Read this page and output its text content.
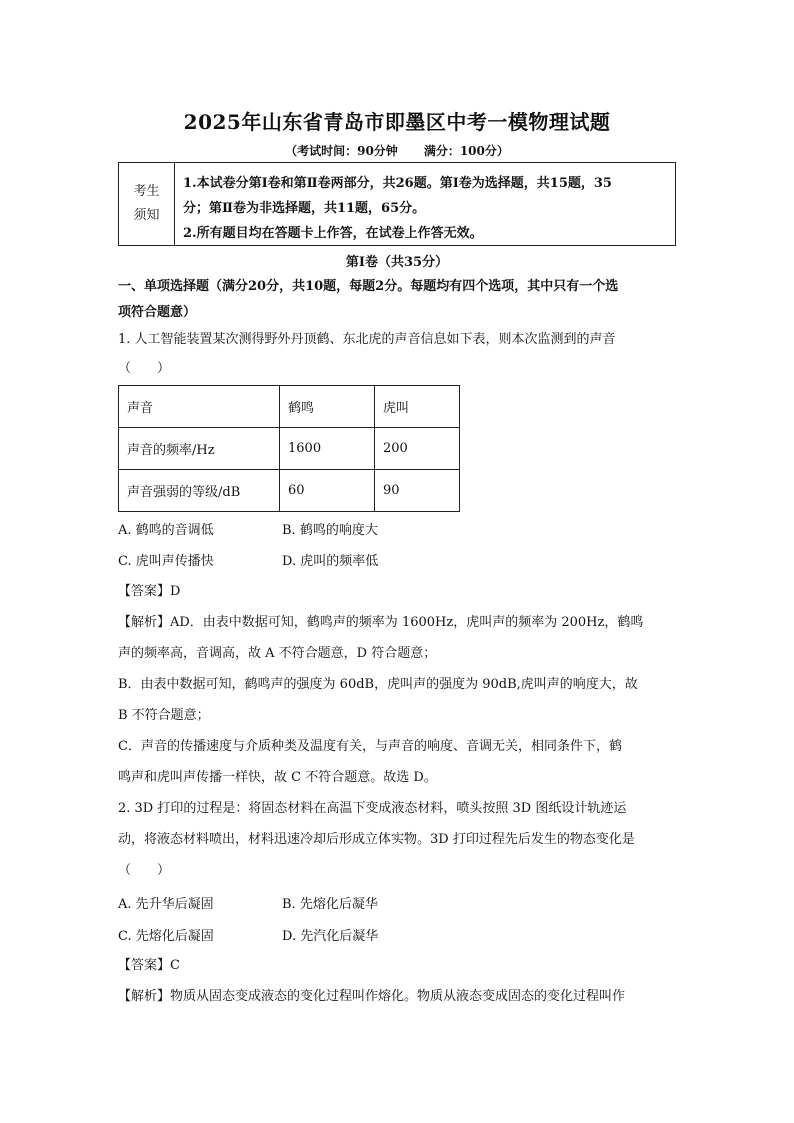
2025年山东省青岛市即墨区中考一模物理试题
（考试时间：90分钟 满分：100分）
考生
须知
1.本试卷分第Ⅰ卷和第Ⅱ卷两部分，共26题。第Ⅰ卷为选择题，共15题，35
分；第Ⅱ卷为非选择题，共11题，65分。
2.所有题目均在答题卡上作答，在试卷上作答无效。
第Ⅰ卷（共35分）
一、单项选择题（满分20分，共10题，每题2分。每题均有四个选项，其中只有一个选
项符合题意）
1. 人工智能装置某次测得野外丹顶鹤、东北虎的声音信息如下表，则本次监测到的声音
（　　）
声音	鹤鸣	虎叫
声音的频率/Hz	1600	200
声音强弱的等级/dB	60	90
A. 鹤鸣的音调低	B. 鹤鸣的响度大
C. 虎叫声传播快	D. 虎叫的频率低
【答案】D
【解析】AD．由表中数据可知，鹤鸣声的频率为 1600Hz，虎叫声的频率为 200Hz，鹤鸣
声的频率高，音调高，故 A 不符合题意，D 符合题意；
B．由表中数据可知，鹤鸣声的强度为 60dB，虎叫声的强度为 90dB,虎叫声的响度大，故
B 不符合题意；
C．声音的传播速度与介质种类及温度有关，与声音的响度、音调无关，相同条件下，鹤
鸣声和虎叫声传播一样快，故 C 不符合题意。故选 D。
2. 3D 打印的过程是：将固态材料在高温下变成液态材料，喷头按照 3D 图纸设计轨迹运
动，将液态材料喷出，材料迅速冷却后形成立体实物。3D 打印过程先后发生的物态变化是
（　　）
A. 先升华后凝固	B. 先熔化后凝华
C. 先熔化后凝固	D. 先汽化后凝华
【答案】C
【解析】物质从固态变成液态的变化过程叫作熔化。物质从液态变成固态的变化过程叫作
